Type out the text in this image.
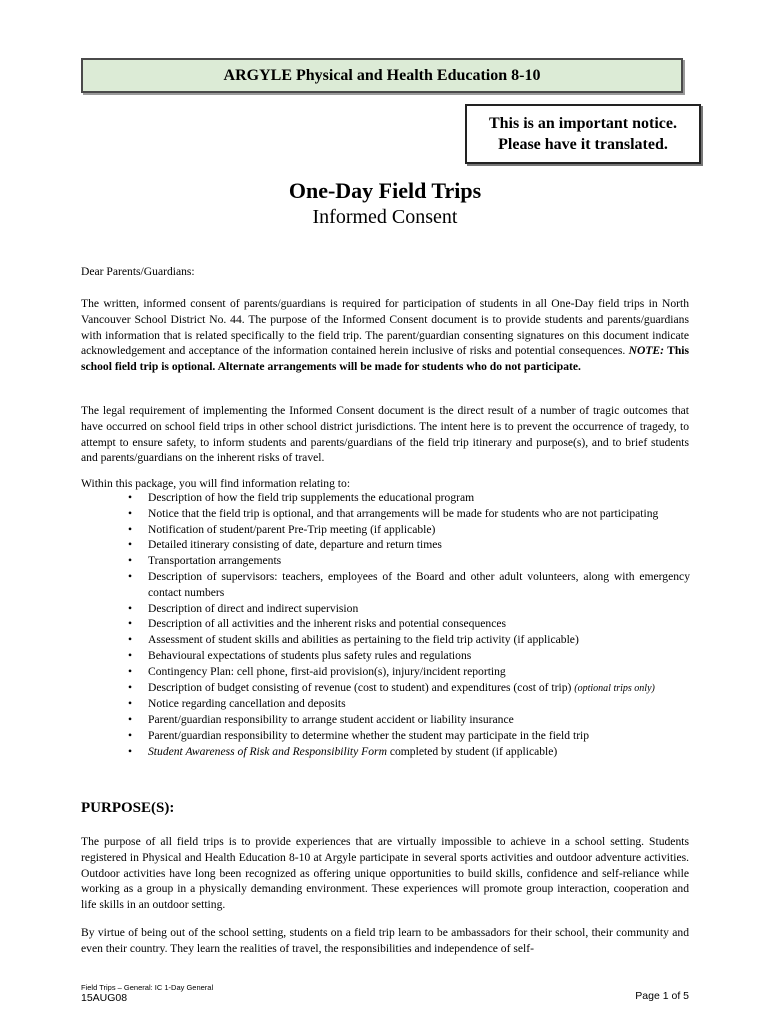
ARGYLE Physical and Health Education 8-10
This is an important notice.
Please have it translated.
One-Day Field Trips
Informed Consent
Dear Parents/Guardians:

The written, informed consent of parents/guardians is required for participation of students in all One-Day field trips in North Vancouver School District No. 44. The purpose of the Informed Consent document is to provide students and parents/guardians with information that is related specifically to the field trip. The parent/guardian consenting signatures on this document indicate acknowledgement and acceptance of the information contained herein inclusive of risks and potential consequences. NOTE: This school field trip is optional. Alternate arrangements will be made for students who do not participate.

The legal requirement of implementing the Informed Consent document is the direct result of a number of tragic outcomes that have occurred on school field trips in other school district jurisdictions. The intent here is to prevent the occurrence of tragedy, to attempt to ensure safety, to inform students and parents/guardians of the field trip itinerary and purpose(s), and to brief students and parents/guardians on the inherent risks of travel.

Within this package, you will find information relating to:

• Description of how the field trip supplements the educational program
• Notice that the field trip is optional, and that arrangements will be made for students who are not participating
• Notification of student/parent Pre-Trip meeting (if applicable)
• Detailed itinerary consisting of date, departure and return times
• Transportation arrangements
• Description of supervisors: teachers, employees of the Board and other adult volunteers, along with emergency contact numbers
• Description of direct and indirect supervision
• Description of all activities and the inherent risks and potential consequences
• Assessment of student skills and abilities as pertaining to the field trip activity (if applicable)
• Behavioural expectations of students plus safety rules and regulations
• Contingency Plan: cell phone, first-aid provision(s), injury/incident reporting
• Description of budget consisting of revenue (cost to student) and expenditures (cost of trip) (optional trips only)
• Notice regarding cancellation and deposits
• Parent/guardian responsibility to arrange student accident or liability insurance
• Parent/guardian responsibility to determine whether the student may participate in the field trip
• Student Awareness of Risk and Responsibility Form completed by student (if applicable)
PURPOSE(S):

The purpose of all field trips is to provide experiences that are virtually impossible to achieve in a school setting. Students registered in Physical and Health Education 8-10 at Argyle participate in several sports activities and outdoor adventure activities. Outdoor activities have long been recognized as offering unique opportunities to build skills, confidence and self-reliance while working as a group in a physically demanding environment. These experiences will promote group interaction, cooperation and life skills in an outdoor setting.

By virtue of being out of the school setting, students on a field trip learn to be ambassadors for their school, their community and even their country. They learn the realities of travel, the responsibilities and independence of self-

Field Trips – General: IC 1-Day General
15AUG08	Page 1 of 5
